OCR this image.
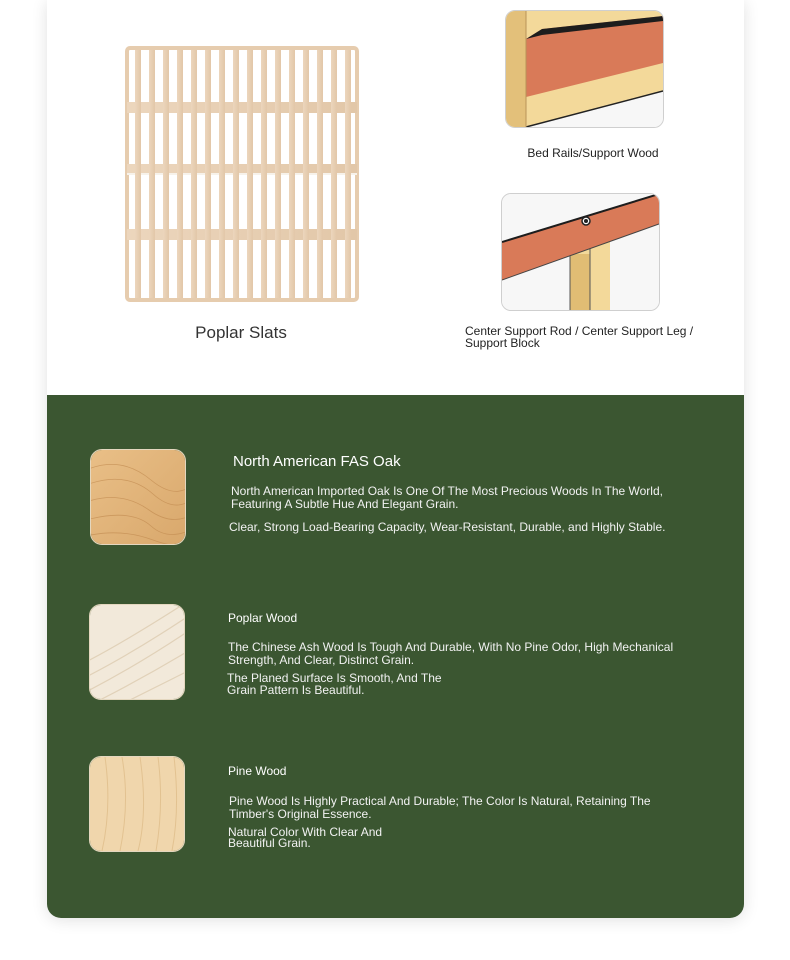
Poplar Slats
Bed Rails/Support Wood
Center Support Rod / Center Support Leg / Support Block
North American FAS Oak
North American Imported Oak Is One Of The Most Precious Woods In The World, Featuring A Subtle Hue And Elegant Grain.
Clear, Strong Load-Bearing Capacity, Wear-Resistant, Durable, and Highly Stable.
Poplar Wood
The Chinese Ash Wood Is Tough And Durable, With No Pine Odor, High Mechanical Strength, And Clear, Distinct Grain.
The Planed Surface Is Smooth, And The Grain Pattern Is Beautiful.
Pine Wood
Pine Wood Is Highly Practical And Durable; The Color Is Natural, Retaining The Timber's Original Essence.
Natural Color With Clear And Beautiful Grain.
